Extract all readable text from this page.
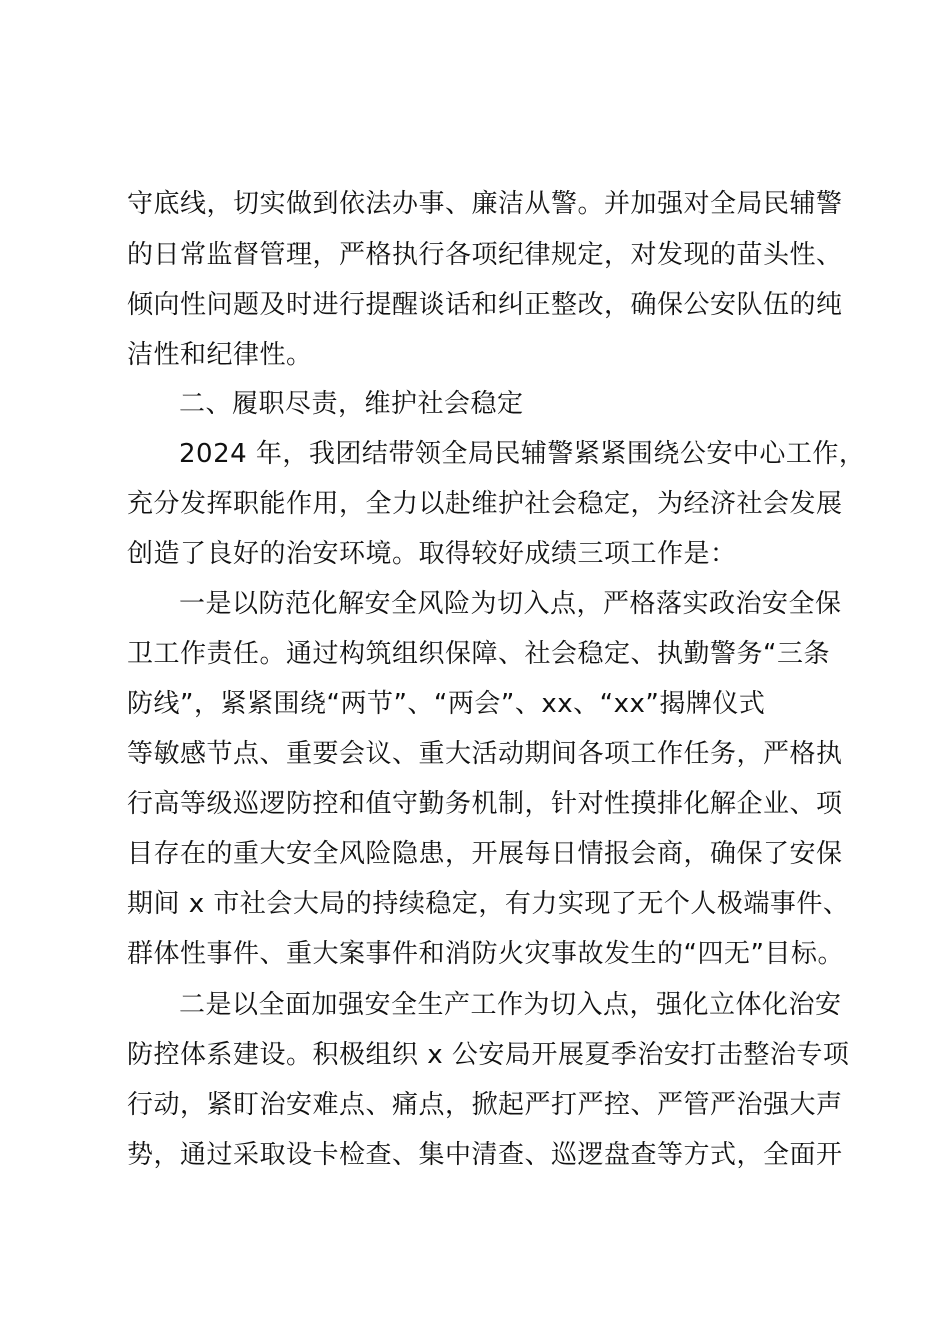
守底线，切实做到依法办事、廉洁从警。并加强对全局民辅警
的日常监督管理，严格执行各项纪律规定，对发现的苗头性、
倾向性问题及时进行提醒谈话和纠正整改，确保公安队伍的纯
洁性和纪律性。
二、履职尽责，维护社会稳定
2024 年，我团结带领全局民辅警紧紧围绕公安中心工作，
充分发挥职能作用，全力以赴维护社会稳定，为经济社会发展
创造了良好的治安环境。取得较好成绩三项工作是：
一是以防范化解安全风险为切入点，严格落实政治安全保
卫工作责任。通过构筑组织保障、社会稳定、执勤警务“三条
防线”，紧紧围绕“两节”、“两会”、xx、“xx”揭牌仪式
等敏感节点、重要会议、重大活动期间各项工作任务，严格执
行高等级巡逻防控和值守勤务机制，针对性摸排化解企业、项
目存在的重大安全风险隐患，开展每日情报会商，确保了安保
期间 x 市社会大局的持续稳定，有力实现了无个人极端事件、
群体性事件、重大案事件和消防火灾事故发生的“四无”目标。
二是以全面加强安全生产工作为切入点，强化立体化治安
防控体系建设。积极组织 x 公安局开展夏季治安打击整治专项
行动，紧盯治安难点、痛点，掀起严打严控、严管严治强大声
势，通过采取设卡检查、集中清查、巡逻盘查等方式，全面开
